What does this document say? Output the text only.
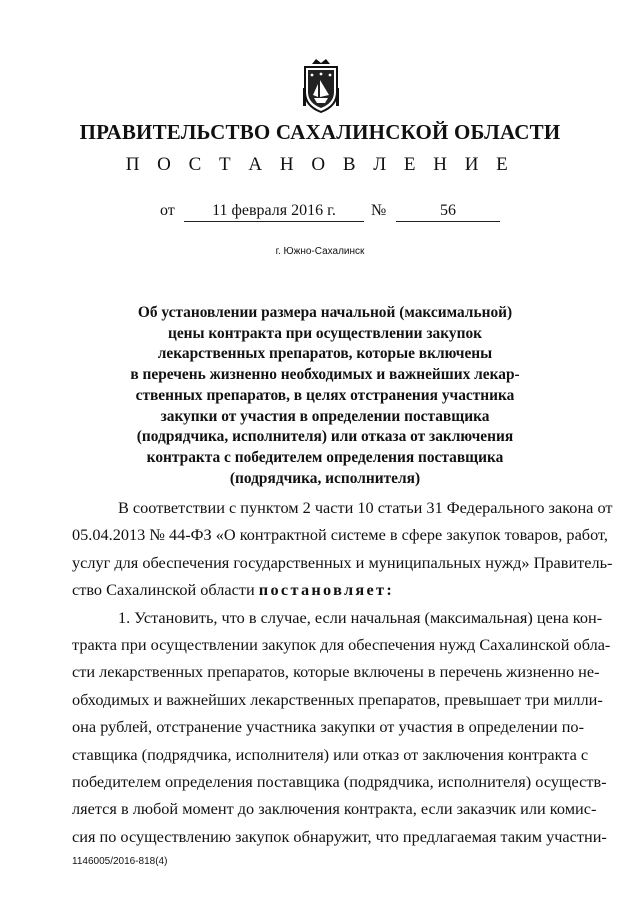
ПРАВИТЕЛЬСТВО САХАЛИНСКОЙ ОБЛАСТИ
П О С Т А Н О В Л Е Н И Е
от	11 февраля 2016 г.	№	56
г. Южно-Сахалинск
Об установлении размера начальной (максимальной)
цены контракта при осуществлении закупок
лекарственных препаратов, которые включены
в перечень жизненно необходимых и важнейших лекар-
ственных препаратов, в целях отстранения участника
закупки от участия в определении поставщика
(подрядчика, исполнителя) или отказа от заключения
контракта с победителем определения поставщика
(подрядчика, исполнителя)
В соответствии с пунктом 2 части 10 статьи 31 Федерального закона от
05.04.2013 № 44-ФЗ «О контрактной системе в сфере закупок товаров, работ,
услуг для обеспечения государственных и муниципальных нужд» Правитель-
ство Сахалинской области постановляет:
1. Установить, что в случае, если начальная (максимальная) цена кон-
тракта при осуществлении закупок для обеспечения нужд Сахалинской обла-
сти лекарственных препаратов, которые включены в перечень жизненно не-
обходимых и важнейших лекарственных препаратов, превышает три милли-
она рублей, отстранение участника закупки от участия в определении по-
ставщика (подрядчика, исполнителя) или отказ от заключения контракта с
победителем определения поставщика (подрядчика, исполнителя) осуществ-
ляется в любой момент до заключения контракта, если заказчик или комис-
сия по осуществлению закупок обнаружит, что предлагаемая таким участни-
1146005/2016-818(4)
